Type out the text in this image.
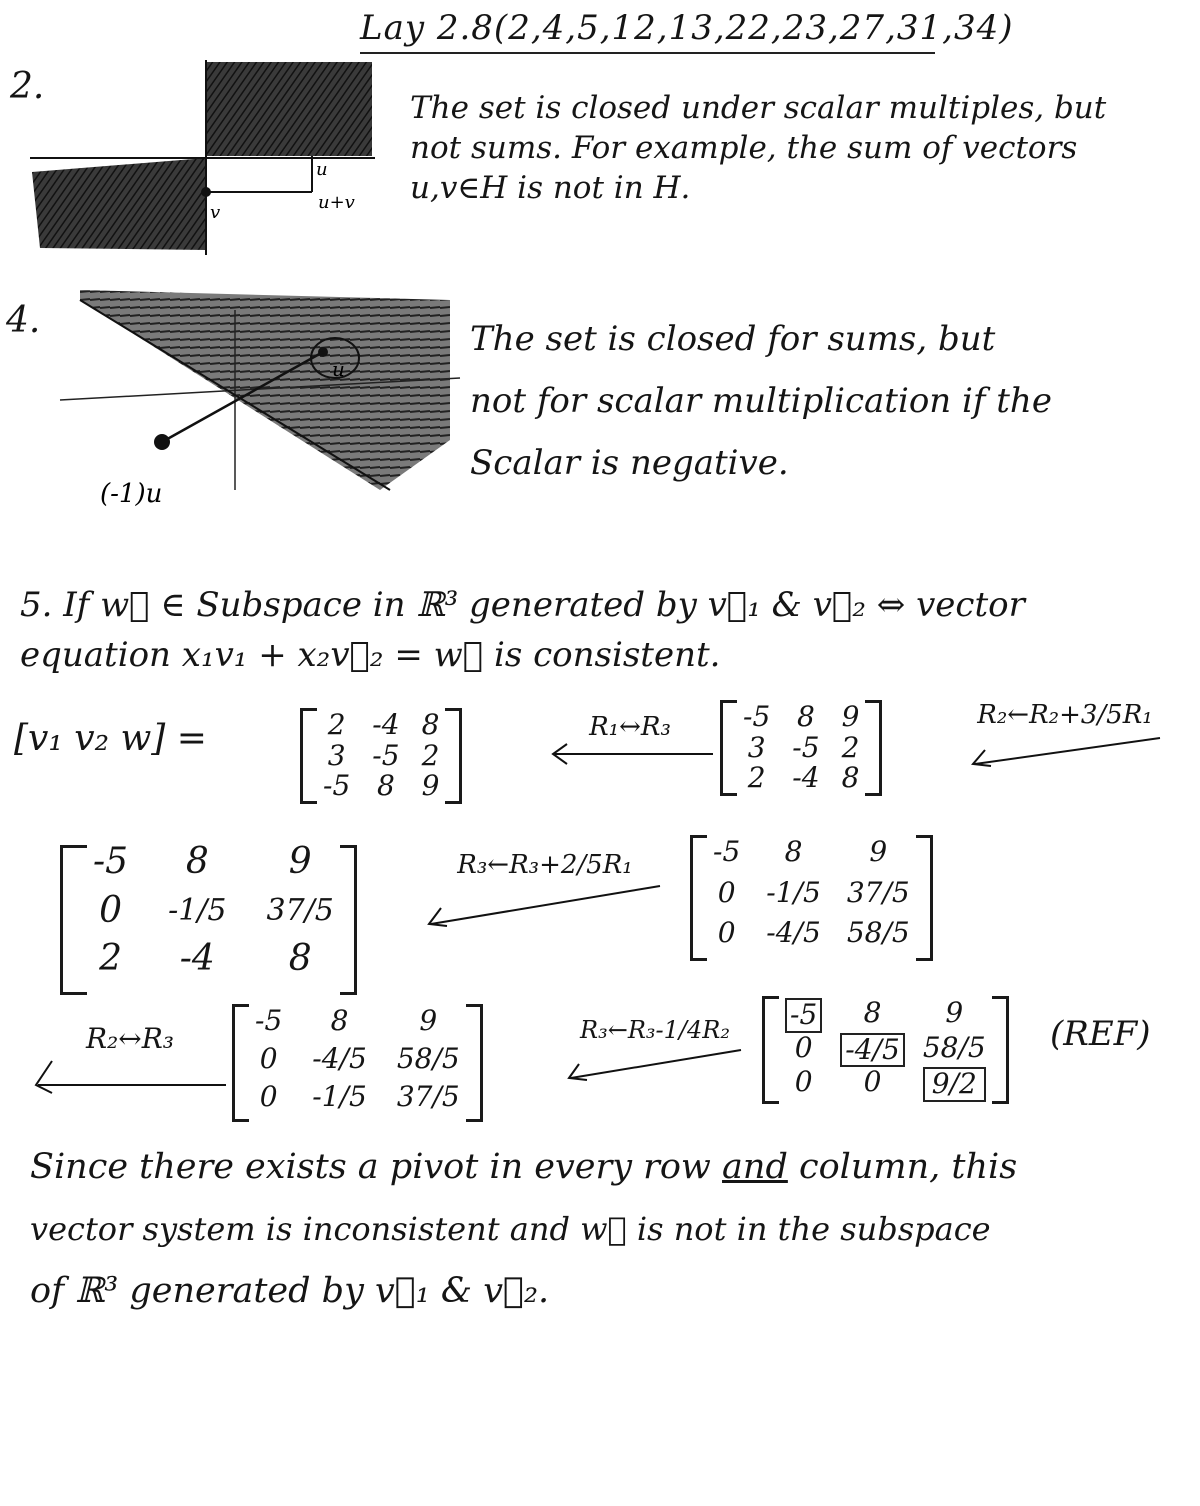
Lay 2.8(2,4,5,12,13,22,23,27,31,34)
2.
u
u+v
v
The set is closed under scalar multiples, but
not sums. For example, the sum of vectors
u,v∈H is not in H.
4.
u
(-1)u
The set is closed for sums, but
not for scalar multiplication if the
Scalar is negative.
5. If w⃗ ∈ Subspace in ℝ³ generated by v⃗₁ & v⃗₂ ⇔ vector
equation x₁v₁ + x₂v⃗₂ = w⃗ is consistent.
[v₁ v₂ w] =	2 -4 8
3 -5 2
-5 8 9
R₁↔R₃	-5 8 9
3 -5 2
2 -4 8
R₂←R₂+3/5R₁
-5	8	9
0 -1/5 37/5
2	-4	8
R₃←R₃+2/5R₁	-5	8	9
0 -1/5 37/5
0 -4/5 58/5
R₂↔R₃
-5	8	9
0 -4/5 58/5
0 -1/5 37/5
R₃←R₃-1/4R₂ -5	8	9
0	-4/5 58/5
0	0	9/2
(REF)
Since there exists a pivot in every row and column, this
vector system is inconsistent and w⃗ is not in the subspace
of ℝ³ generated by v⃗₁ & v⃗₂.
